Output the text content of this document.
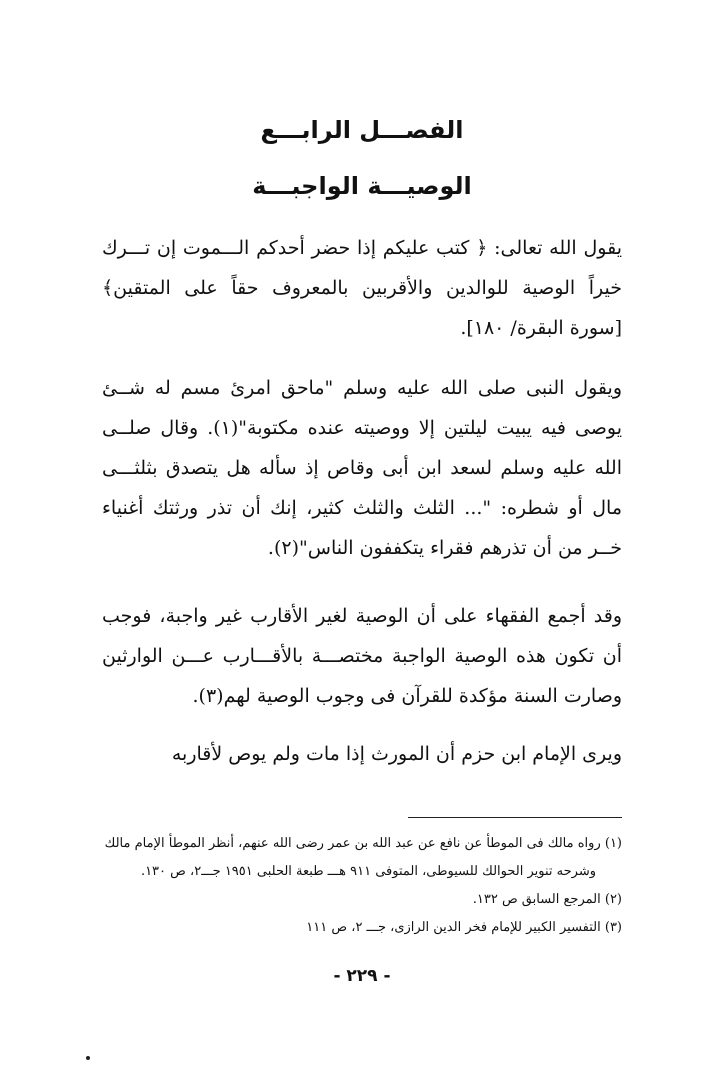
الفصـــل الرابـــع
الوصيـــة الواجبـــة

يقول الله تعالى: ﴿ كتب عليكم إذا حضر أحدكم الـــموت إن تـــرك خيراً الوصية للوالدين والأقربين بالمعروف حقاً على المتقين﴾ [سورة البقرة/ ١٨٠].

ويقول النبى صلى الله عليه وسلم "ماحق امرئ مسم له شــئ يوصى فيه يبيت ليلتين إلا ووصيته عنده مكتوبة"(١). وقال صلــى الله عليه وسلم لسعد ابن أبى وقاص إذ سأله هل يتصدق بثلثـــى مال أو شطره: "... الثلث والثلث كثير، إنك أن تذر ورثتك أغنياء خــر من أن تذرهم فقراء يتكففون الناس"(٢).

وقد أجمع الفقهاء على أن الوصية لغير الأقارب غير واجبة، فوجب أن تكون هذه الوصية الواجبة مختصـــة بالأقـــارب عـــن الوارثين وصارت السنة مؤكدة للقرآن فى وجوب الوصية لهم(٣).

ويرى الإمام ابن حزم أن المورث إذا مات ولم يوص لأقاربه

(١) رواه مالك فى الموطأ عن نافع عن عبد الله بن عمر رضى الله عنهم، أنظر الموطأ الإمام مالك

وشرحه تنوير الحوالك للسيوطى، المتوفى ٩١١ هـــ طبعة الحلبى ١٩٥١ جـــ٢، ص ١٣٠.

(٢) المرجع السابق ص ١٣٢.

(٣) التفسير الكبير للإمام فخر الدين الرازى، جـــ ٢، ص ١١١

- ٢٢٩ -
